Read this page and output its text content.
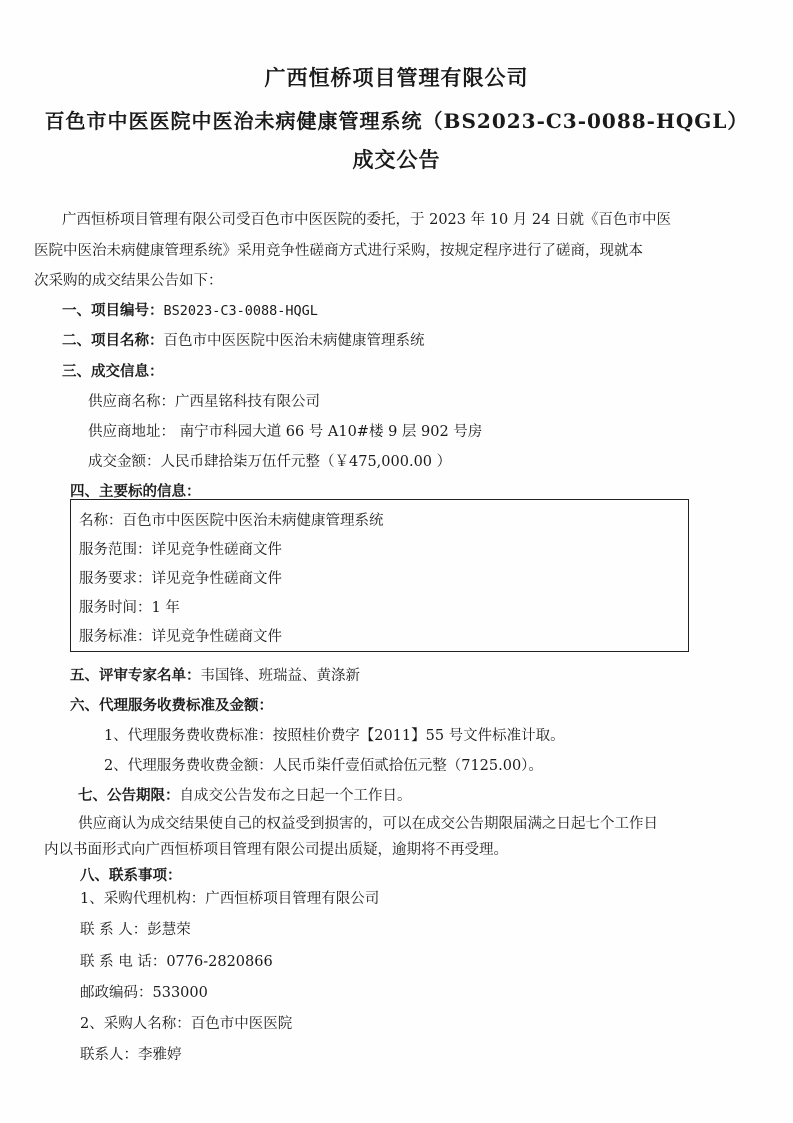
广西恒桥项目管理有限公司
百色市中医医院中医治未病健康管理系统（BS2023-C3-0088-HQGL）
成交公告
广西恒桥项目管理有限公司受百色市中医医院的委托，于 2023 年 10 月 24 日就《百色市中医
医院中医治未病健康管理系统》采用竞争性磋商方式进行采购，按规定程序进行了磋商，现就本
次采购的成交结果公告如下：
一、项目编号：BS2023-C3-0088-HQGL
二、项目名称：百色市中医医院中医治未病健康管理系统
三、成交信息：
供应商名称：广西星铭科技有限公司
供应商地址： 南宁市科园大道 66 号 A10#楼 9 层 902 号房
成交金额：人民币肆拾柒万伍仟元整（￥475,000.00 ）
四、主要标的信息：
名称：百色市中医医院中医治未病健康管理系统
服务范围：详见竞争性磋商文件
服务要求：详见竞争性磋商文件
服务时间：1 年
服务标准：详见竞争性磋商文件
五、评审专家名单：韦国锋、班瑞益、黄涤新
六、代理服务收费标准及金额：
1、代理服务费收费标准：按照桂价费字【2011】55 号文件标准计取。
2、代理服务费收费金额：人民币柒仟壹佰贰拾伍元整（7125.00）。
七、公告期限：自成交公告发布之日起一个工作日。
供应商认为成交结果使自己的权益受到损害的，可以在成交公告期限届满之日起七个工作日
内以书面形式向广西恒桥项目管理有限公司提出质疑，逾期将不再受理。
八、联系事项：
1、采购代理机构：广西恒桥项目管理有限公司
联 系 人：彭慧荣
联 系 电 话：0776-2820866
邮政编码：533000
2、采购人名称：百色市中医医院
联系人：李雅婷
